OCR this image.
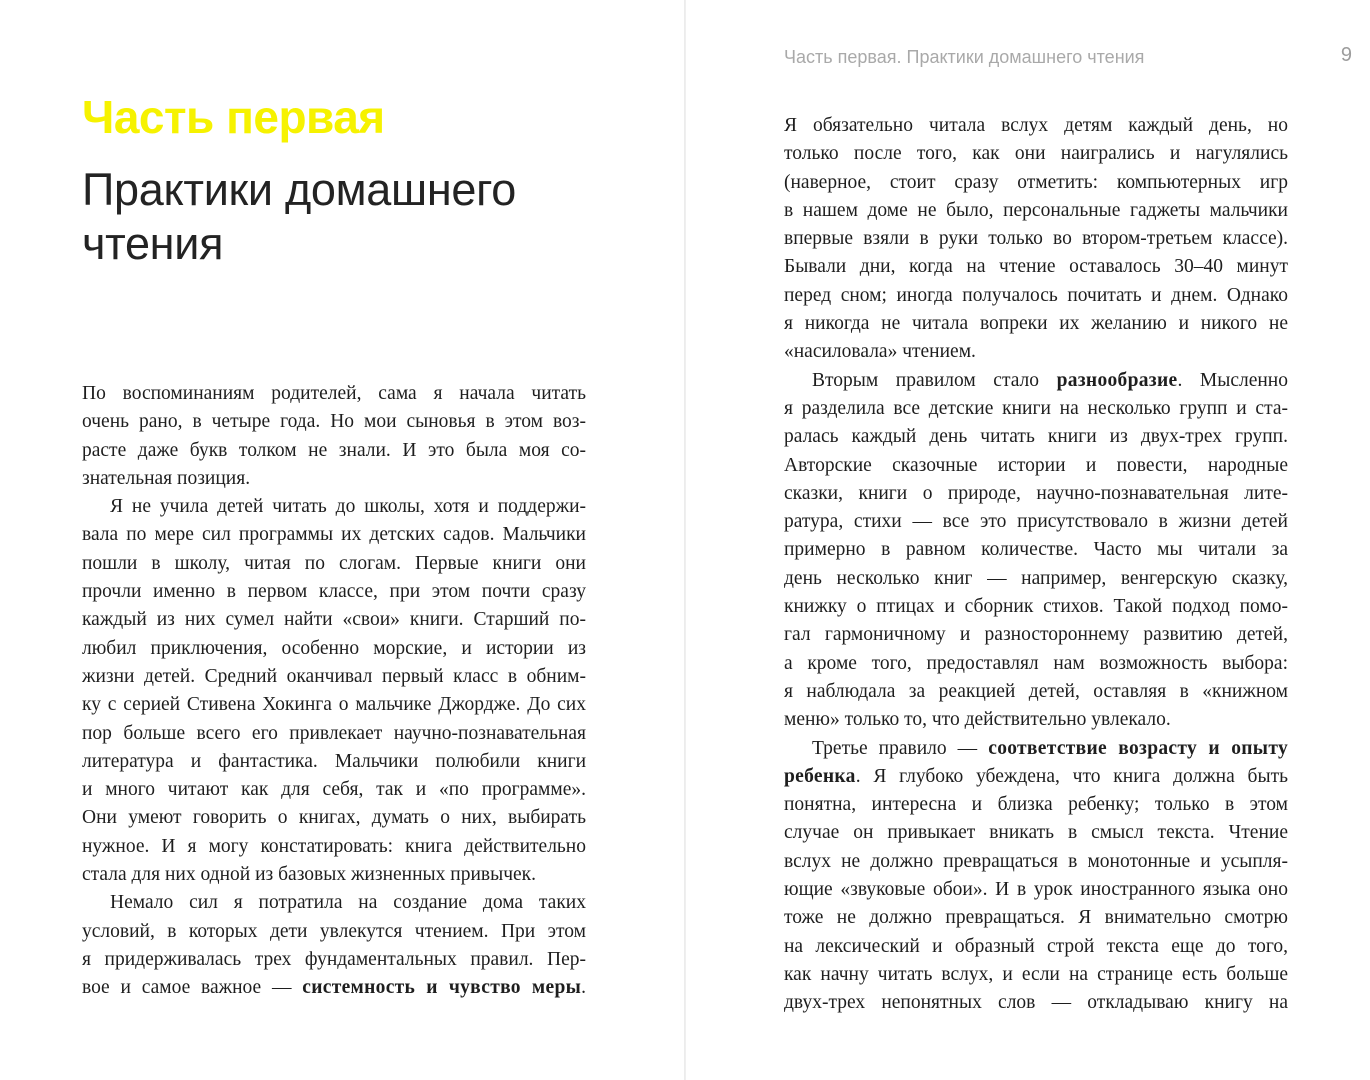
Часть первая
Практики домашнего
чтения

По воспоминаниям родителей, сама я начала читать
очень рано, в четыре года. Но мои сыновья в этом воз-
расте даже букв толком не знали. И это была моя со-
знательная позиция.

Я не учила детей читать до школы, хотя и поддержи-
вала по мере сил программы их детских садов. Мальчики
пошли в школу, читая по слогам. Первые книги они
прочли именно в первом классе, при этом почти сразу
каждый из них сумел найти «свои» книги. Старший по-
любил приключения, особенно морские, и истории из
жизни детей. Средний оканчивал первый класс в обним-
ку с серией Стивена Хокинга о мальчике Джордже. До сих
пор больше всего его привлекает научно-познавательная
литература и фантастика. Мальчики полюбили книги
и много читают как для себя, так и «по программе».
Они умеют говорить о книгах, думать о них, выбирать
нужное. И я могу констатировать: книга действительно
стала для них одной из базовых жизненных привычек.

Немало сил я потратила на создание дома таких
условий, в которых дети увлекутся чтением. При этом
я придерживалась трех фундаментальных правил. Пер-
вое и самое важное — системность и чувство меры.

Часть первая. Практики домашнего чтения	9

Я обязательно читала вслух детям каждый день, но
только после того, как они наигрались и нагулялись
(наверное, стоит сразу отметить: компьютерных игр
в нашем доме не было, персональные гаджеты мальчики
впервые взяли в руки только во втором-третьем классе).
Бывали дни, когда на чтение оставалось 30–40 минут
перед сном; иногда получалось почитать и днем. Однако
я никогда не читала вопреки их желанию и никого не
«насиловала» чтением.

Вторым правилом стало разнообразие. Мысленно
я разделила все детские книги на несколько групп и ста-
ралась каждый день читать книги из двух-трех групп.
Авторские сказочные истории и повести, народные
сказки, книги о природе, научно-познавательная лите-
ратура, стихи — все это присутствовало в жизни детей
примерно в равном количестве. Часто мы читали за
день несколько книг — например, венгерскую сказку,
книжку о птицах и сборник стихов. Такой подход помо-
гал гармоничному и разностороннему развитию детей,
а кроме того, предоставлял нам возможность выбора:
я наблюдала за реакцией детей, оставляя в «книжном
меню» только то, что действительно увлекало.

Третье правило — соответствие возрасту и опыту
ребенка. Я глубоко убеждена, что книга должна быть
понятна, интересна и близка ребенку; только в этом
случае он привыкает вникать в смысл текста. Чтение
вслух не должно превращаться в монотонные и усыпля-
ющие «звуковые обои». И в урок иностранного языка оно
тоже не должно превращаться. Я внимательно смотрю
на лексический и образный строй текста еще до того,
как начну читать вслух, и если на странице есть больше
двух-трех непонятных слов — откладываю книгу на
